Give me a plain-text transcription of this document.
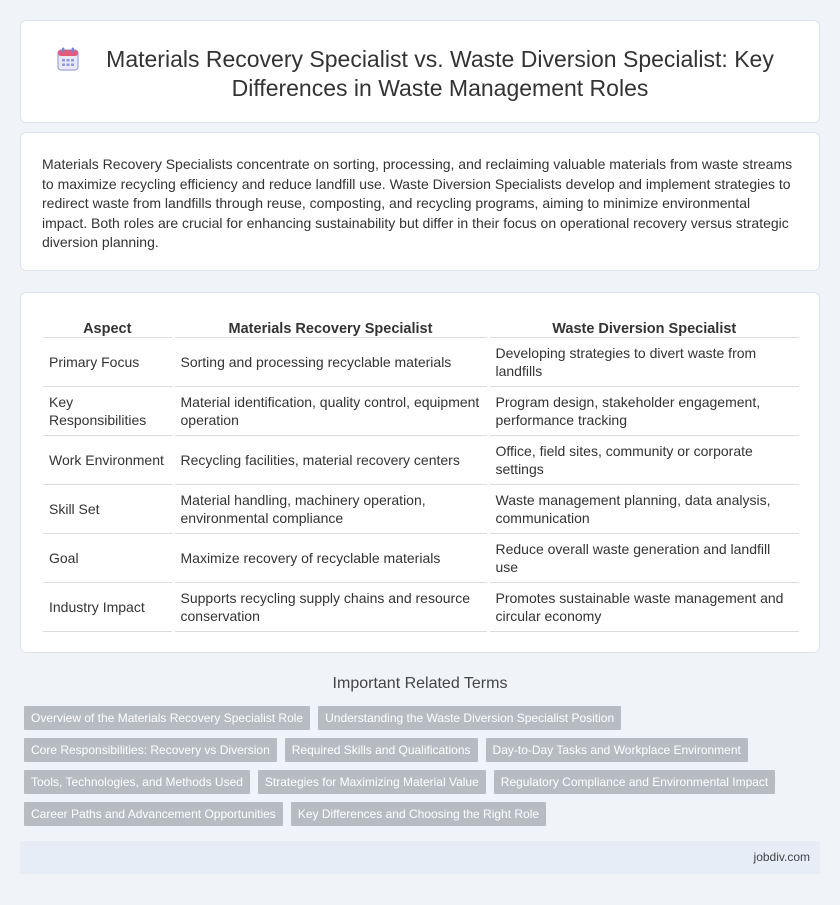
Materials Recovery Specialist vs. Waste Diversion Specialist: Key Differences in Waste Management Roles

Materials Recovery Specialists concentrate on sorting, processing, and reclaiming valuable materials from waste streams to maximize recycling efficiency and reduce landfill use. Waste Diversion Specialists develop and implement strategies to redirect waste from landfills through reuse, composting, and recycling programs, aiming to minimize environmental impact. Both roles are crucial for enhancing sustainability but differ in their focus on operational recovery versus strategic diversion planning.

Aspect	Materials Recovery Specialist	Waste Diversion Specialist
Primary Focus	Sorting and processing recyclable materials	Developing strategies to divert waste from landfills
Key Responsibilities	Material identification, quality control, equipment operation	Program design, stakeholder engagement, performance tracking
Work Environment	Recycling facilities, material recovery centers	Office, field sites, community or corporate settings
Skill Set	Material handling, machinery operation, environmental compliance	Waste management planning, data analysis, communication
Goal	Maximize recovery of recyclable materials	Reduce overall waste generation and landfill use
Industry Impact	Supports recycling supply chains and resource conservation	Promotes sustainable waste management and circular economy
Important Related Terms
Overview of the Materials Recovery Specialist Role	Understanding the Waste Diversion Specialist Position
Core Responsibilities: Recovery vs Diversion	Required Skills and Qualifications	Day-to-Day Tasks and Workplace Environment
Tools, Technologies, and Methods Used	Strategies for Maximizing Material Value	Regulatory Compliance and Environmental Impact
Career Paths and Advancement Opportunities	Key Differences and Choosing the Right Role
jobdiv.com
